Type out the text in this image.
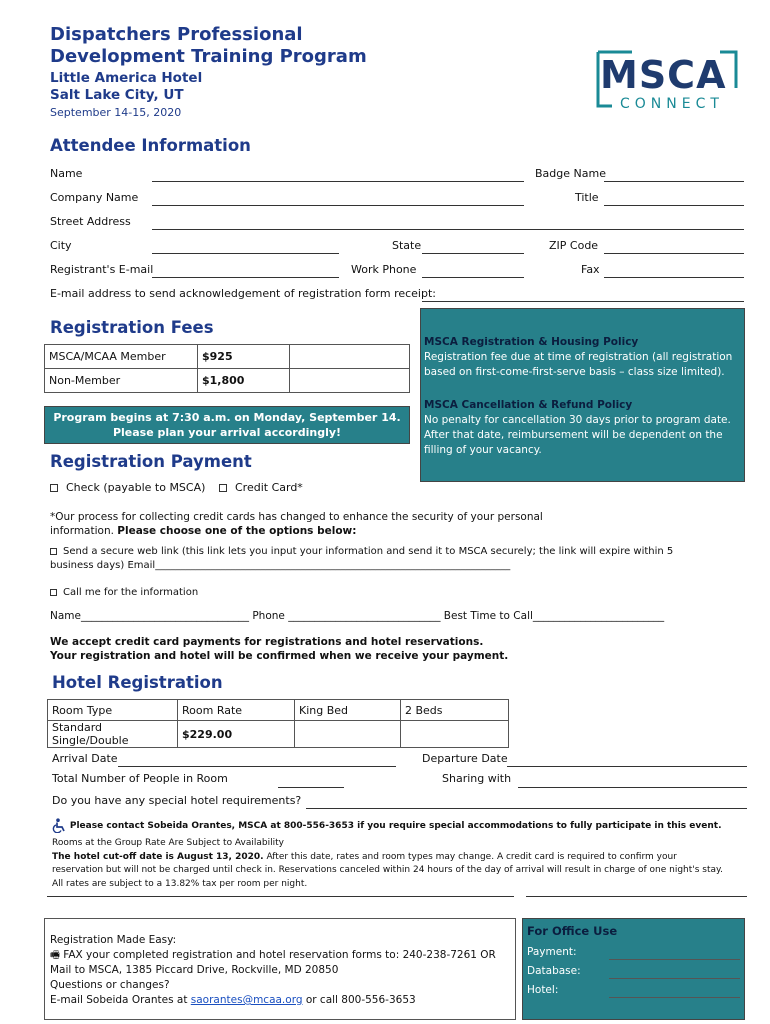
Dispatchers Professional
Development Training Program
Little America Hotel
Salt Lake City, UT
September 14-15, 2020
MSCA
CONNECT
Attendee Information
Name	Badge Name
Company Name	Title
Street Address
City	State	ZIP Code
Registrant's E-mail	Work Phone	Fax
E-mail address to send acknowledgement of registration form receipt:
Registration Fees
MSCA/MCAA Member	$925	
Non-Member	$1,800	
Program begins at 7:30 a.m. on Monday, September 14.
Please plan your arrival accordingly!
MSCA Registration & Housing Policy
Registration fee due at time of registration (all registration based on first-come-first-serve basis – class size limited).
MSCA Cancellation & Refund Policy
No penalty for cancellation 30 days prior to program date. After that date, reimbursement will be dependent on the filling of your vacancy.
Registration Payment
Check (payable to MSCA)	Credit Card*
*Our process for collecting credit cards has changed to enhance the security of your personal
information. Please choose one of the options below:
Send a secure web link (this link lets you input your information and send it to MSCA securely; the link will expire within 5
business days) Email_______________________________________________________________________
Call me for the information
Name________________________________ Phone _____________________________ Best Time to Call_________________________
We accept credit card payments for registrations and hotel reservations.
Your registration and hotel will be confirmed when we receive your payment.
Hotel Registration
Room Type	Room Rate	King Bed	2 Beds
Standard Single/Double	$229.00		
Arrival Date	Departure Date
Total Number of People in Room	Sharing with
Do you have any special hotel requirements?
Please contact Sobeida Orantes, MSCA at 800-556-3653 if you require special accommodations to fully participate in this event.
Rooms at the Group Rate Are Subject to Availability
The hotel cut-off date is August 13, 2020. After this date, rates and room types may change. A credit card is required to confirm your
reservation but will not be charged until check in. Reservations canceled within 24 hours of the day of arrival will result in charge of one night's stay.
All rates are subject to a 13.82% tax per room per night.
Registration Made Easy:
🖷 FAX your completed registration and hotel reservation forms to: 240-238-7261 OR
Mail to MSCA, 1385 Piccard Drive, Rockville, MD 20850
Questions or changes?
E-mail Sobeida Orantes at saorantes@mcaa.org or call 800-556-3653
For Office Use
Payment:
Database:
Hotel:
